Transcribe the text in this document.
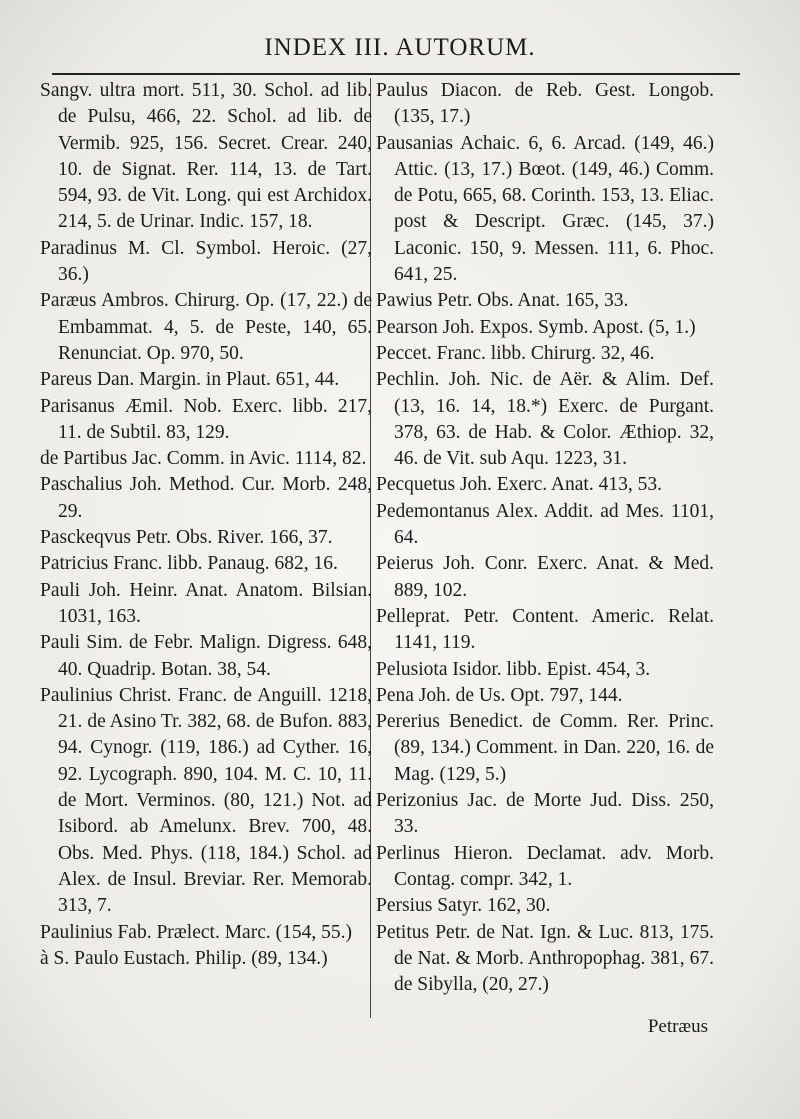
INDEX III. AUTORUM.
Sangv. ultra mort. 511, 30. Schol. ad lib. de Pulsu, 466, 22. Schol. ad lib. de Vermib. 925, 156. Secret. Crear. 240, 10. de Signat. Rer. 114, 13. de Tart. 594, 93. de Vit. Long. qui est Archidox. 214, 5. de Urinar. Indic. 157, 18.
Paradinus M. Cl. Symbol. Heroic. (27, 36.)
Paræus Ambros. Chirurg. Op. (17, 22.) de Embammat. 4, 5. de Peste, 140, 65. Renunciat. Op. 970, 50.
Pareus Dan. Margin. in Plaut. 651, 44.
Parisanus Æmil. Nob. Exerc. libb. 217, 11. de Subtil. 83, 129.
de Partibus Jac. Comm. in Avic. 1114, 82.
Paschalius Joh. Method. Cur. Morb. 248, 29.
Pasckeqvus Petr. Obs. River. 166, 37.
Patricius Franc. libb. Panaug. 682, 16.
Pauli Joh. Heinr. Anat. Anatom. Bilsian. 1031, 163.
Pauli Sim. de Febr. Malign. Digress. 648, 40. Quadrip. Botan. 38, 54.
Paulinius Christ. Franc. de Anguill. 1218, 21. de Asino Tr. 382, 68. de Bufon. 883, 94. Cynogr. (119, 186.) ad Cyther. 16, 92. Lycograph. 890, 104. M. C. 10, 11. de Mort. Verminos. (80, 121.) Not. ad Isibord. ab Amelunx. Brev. 700, 48. Obs. Med. Phys. (118, 184.) Schol. ad Alex. de Insul. Breviar. Rer. Memorab. 313, 7.
Paulinius Fab. Prælect. Marc. (154, 55.)
à S. Paulo Eustach. Philip. (89, 134.)
Paulus Diacon. de Reb. Gest. Longob. (135, 17.)
Pausanias Achaic. 6, 6. Arcad. (149, 46.) Attic. (13, 17.) Bœot. (149, 46.) Comm. de Potu, 665, 68. Corinth. 153, 13. Eliac. post & Descript. Græc. (145, 37.) Laconic. 150, 9. Messen. 111, 6. Phoc. 641, 25.
Pawius Petr. Obs. Anat. 165, 33.
Pearson Joh. Expos. Symb. Apost. (5, 1.)
Peccet. Franc. libb. Chirurg. 32, 46.
Pechlin. Joh. Nic. de Aër. & Alim. Def. (13, 16. 14, 18.*) Exerc. de Purgant. 378, 63. de Hab. & Color. Æthiop. 32, 46. de Vit. sub Aqu. 1223, 31.
Pecquetus Joh. Exerc. Anat. 413, 53.
Pedemontanus Alex. Addit. ad Mes. 1101, 64.
Peierus Joh. Conr. Exerc. Anat. & Med. 889, 102.
Pelleprat. Petr. Content. Americ. Relat. 1141, 119.
Pelusiota Isidor. libb. Epist. 454, 3.
Pena Joh. de Us. Opt. 797, 144.
Pererius Benedict. de Comm. Rer. Princ. (89, 134.) Comment. in Dan. 220, 16. de Mag. (129, 5.)
Perizonius Jac. de Morte Jud. Diss. 250, 33.
Perlinus Hieron. Declamat. adv. Morb. Contag. compr. 342, 1.
Persius Satyr. 162, 30.
Petitus Petr. de Nat. Ign. & Luc. 813, 175. de Nat. & Morb. Anthropophag. 381, 67. de Sibylla, (20, 27.)
Petræus
